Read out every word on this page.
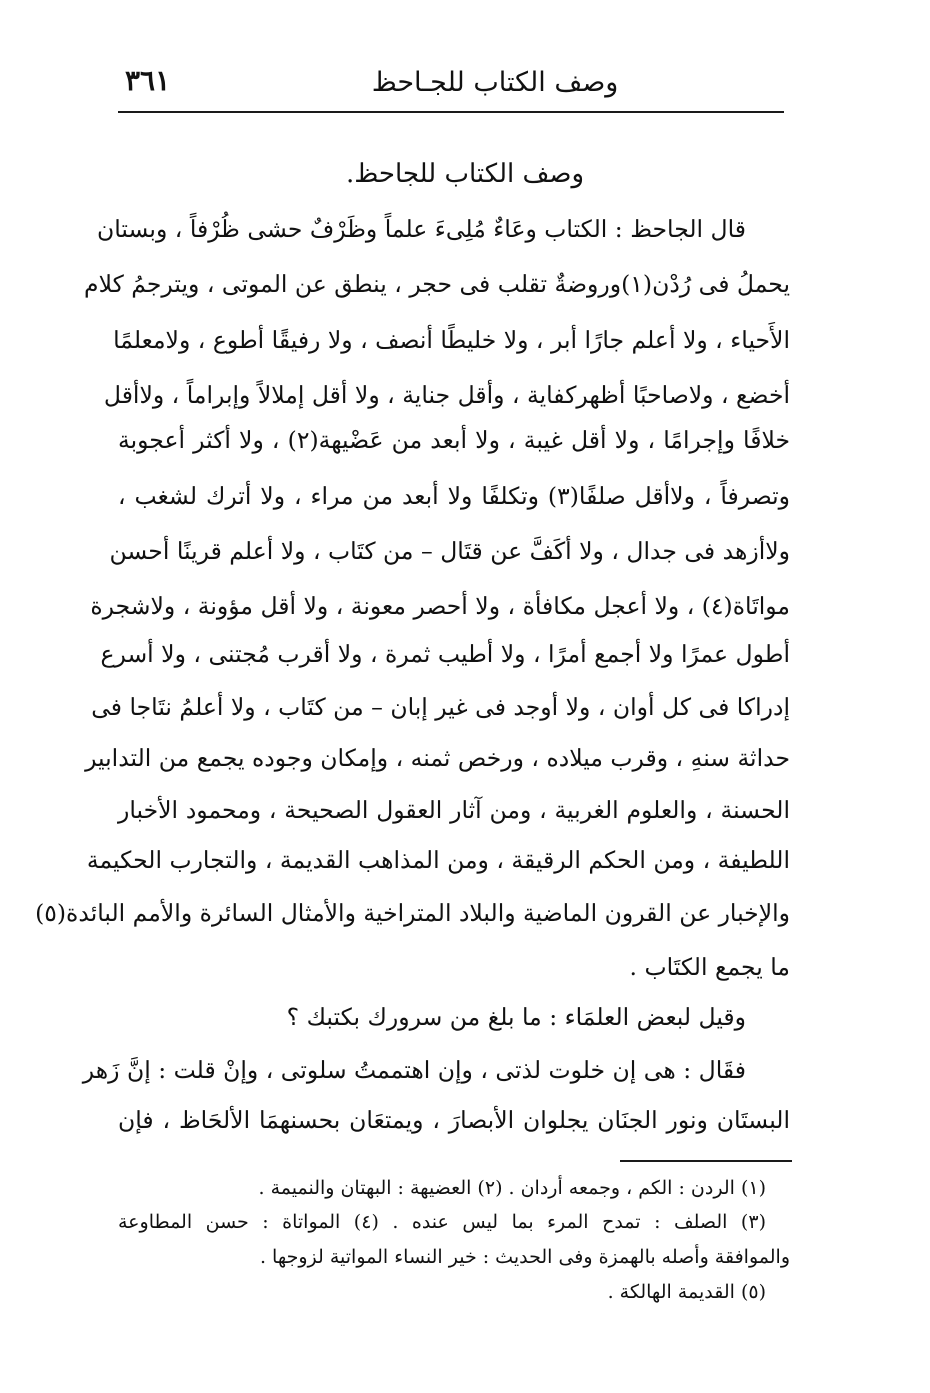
وصف الكتاب للجـاحظ
٣٦١
وصف الكتاب للجاحظ.
قال الجاحظ : الكتاب وعَاءٌ مُلِىءَ علماً وظَرْفٌ حشى ظُرْفاً ، وبستان
يحملُ فى رُدْن(١)وروضةٌ تقلب فى حجر ، ينطق عن الموتى ، ويترجمُ كلام
الأَحياء ، ولا أعلم جارًا أبر ، ولا خليطًا أنصف ، ولا رفيقًا أطوع ، ولامعلمًا
أخضع ، ولاصاحبًا أظهركفاية ، وأقل جناية ، ولا أقل إملالاً وإبراماً ، ولاأقل
خلافًا وإجرامًا ، ولا أقل غيبة ، ولا أبعد من عَضْيهة(٢) ، ولا أكثر أعجوبة
وتصرفاً ، ولاأقل صلفًا(٣) وتكلفًا ولا أبعد من مراء ، ولا أترك لشغب ،
ولاأزهد فى جدال ، ولا أكَفَّ عن قتَال – من كتَاب ، ولا أعلم قرينًا أحسن
مواتَاة(٤) ، ولا أعجل مكافأة ، ولا أحصر معونة ، ولا أقل مؤونة ، ولاشجرة
أطول عمرًا ولا أجمع أمرًا ، ولا أطيب ثمرة ، ولا أقرب مُجتنى ، ولا أسرع
إدراكا فى كل أوان ، ولا أوجد فى غير إبان – من كتَاب ، ولا أعلمُ نتَاجا فى
حداثة سنهِ ، وقرب ميلاده ، ورخص ثمنه ، وإمكان وجوده يجمع من التدابير
الحسنة ، والعلوم الغربية ، ومن آثار العقول الصحيحة ، ومحمود الأخبار
اللطيفة ، ومن الحكم الرقيقة ، ومن المذاهب القديمة ، والتجارب الحكيمة
والإخبار عن القرون الماضية والبلاد المتراخية والأمثال السائرة والأمم البائدة(٥)
ما يجمع الكتَاب .
وقيل لبعض العلمَاء : ما بلغ من سرورك بكتبك ؟
فقَال : هى إن خلوت لذتى ، وإن اهتممتُ سلوتى ، وإنْ قلت : إنَّ زَهر
البستَان ونور الجنَان يجلوان الأبصارَ ، ويمتعَان بحسنهمَا الألحَاظ ، فإن
(١) الردن : الكم ، وجمعه أردان . (٢) العضيهة : البهتان والنميمة .
(٣) الصلف : تمدح المرء بما ليس عنده . (٤) المواتاة : حسن المطاوعة
والموافقة وأصله بالهمزة وفى الحديث : خير النساء المواتية لزوجها .
(٥) القديمة الهالكة .
